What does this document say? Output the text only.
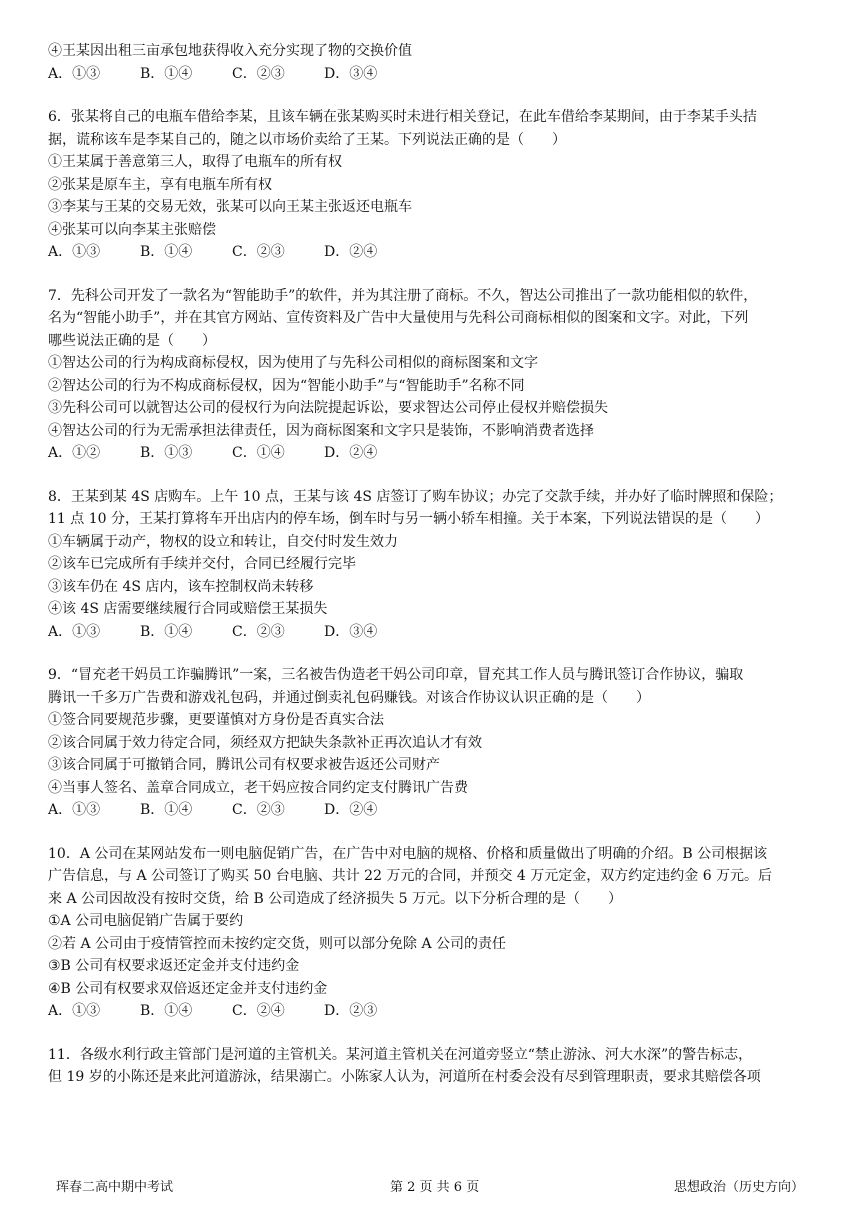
④王某因出租三亩承包地获得收入充分实现了物的交换价值
A．①③	B．①④	C．②③	D．③④
6．张某将自己的电瓶车借给李某，且该车辆在张某购买时未进行相关登记，在此车借给李某期间，由于李某手头拮
据，谎称该车是李某自己的，随之以市场价卖给了王某。下列说法正确的是（　　）
①王某属于善意第三人，取得了电瓶车的所有权
②张某是原车主，享有电瓶车所有权
③李某与王某的交易无效，张某可以向王某主张返还电瓶车
④张某可以向李某主张赔偿
A．①③	B．①④	C．②③	D．②④
7．先科公司开发了一款名为“智能助手”的软件，并为其注册了商标。不久，智达公司推出了一款功能相似的软件，
名为“智能小助手”，并在其官方网站、宣传资料及广告中大量使用与先科公司商标相似的图案和文字。对此，下列
哪些说法正确的是（　　）
①智达公司的行为构成商标侵权，因为使用了与先科公司相似的商标图案和文字
②智达公司的行为不构成商标侵权，因为“智能小助手”与“智能助手”名称不同
③先科公司可以就智达公司的侵权行为向法院提起诉讼，要求智达公司停止侵权并赔偿损失
④智达公司的行为无需承担法律责任，因为商标图案和文字只是装饰，不影响消费者选择
A．①②	B．①③	C．①④	D．②④
8．王某到某 4S 店购车。上午 10 点，王某与该 4S 店签订了购车协议；办完了交款手续，并办好了临时牌照和保险；
11 点 10 分，王某打算将车开出店内的停车场，倒车时与另一辆小轿车相撞。关于本案，下列说法错误的是（　　）
①车辆属于动产，物权的设立和转让，自交付时发生效力
②该车已完成所有手续并交付，合同已经履行完毕
③该车仍在 4S 店内，该车控制权尚未转移
④该 4S 店需要继续履行合同或赔偿王某损失
A．①③	B．①④	C．②③	D．③④
9．“冒充老干妈员工诈骗腾讯”一案，三名被告伪造老干妈公司印章，冒充其工作人员与腾讯签订合作协议，骗取
腾讯一千多万广告费和游戏礼包码，并通过倒卖礼包码赚钱。对该合作协议认识正确的是（　　）
①签合同要规范步骤，更要谨慎对方身份是否真实合法
②该合同属于效力待定合同，须经双方把缺失条款补正再次追认才有效
③该合同属于可撤销合同，腾讯公司有权要求被告返还公司财产
④当事人签名、盖章合同成立，老干妈应按合同约定支付腾讯广告费
A．①③	B．①④	C．②③	D．②④
10．A 公司在某网站发布一则电脑促销广告，在广告中对电脑的规格、价格和质量做出了明确的介绍。B 公司根据该
广告信息，与 A 公司签订了购买 50 台电脑、共计 22 万元的合同，并预交 4 万元定金，双方约定违约金 6 万元。后
来 A 公司因故没有按时交货，给 B 公司造成了经济损失 5 万元。以下分析合理的是（　　）
①A 公司电脑促销广告属于要约
②若 A 公司由于疫情管控而未按约定交货，则可以部分免除 A 公司的责任
③B 公司有权要求返还定金并支付违约金
④B 公司有权要求双倍返还定金并支付违约金
A．①③	B．①④	C．②④	D．②③
11．各级水利行政主管部门是河道的主管机关。某河道主管机关在河道旁竖立“禁止游泳、河大水深”的警告标志，
但 19 岁的小陈还是来此河道游泳，结果溺亡。小陈家人认为，河道所在村委会没有尽到管理职责，要求其赔偿各项
珲春二高中期中考试	第 2 页 共 6 页	思想政治（历史方向）
